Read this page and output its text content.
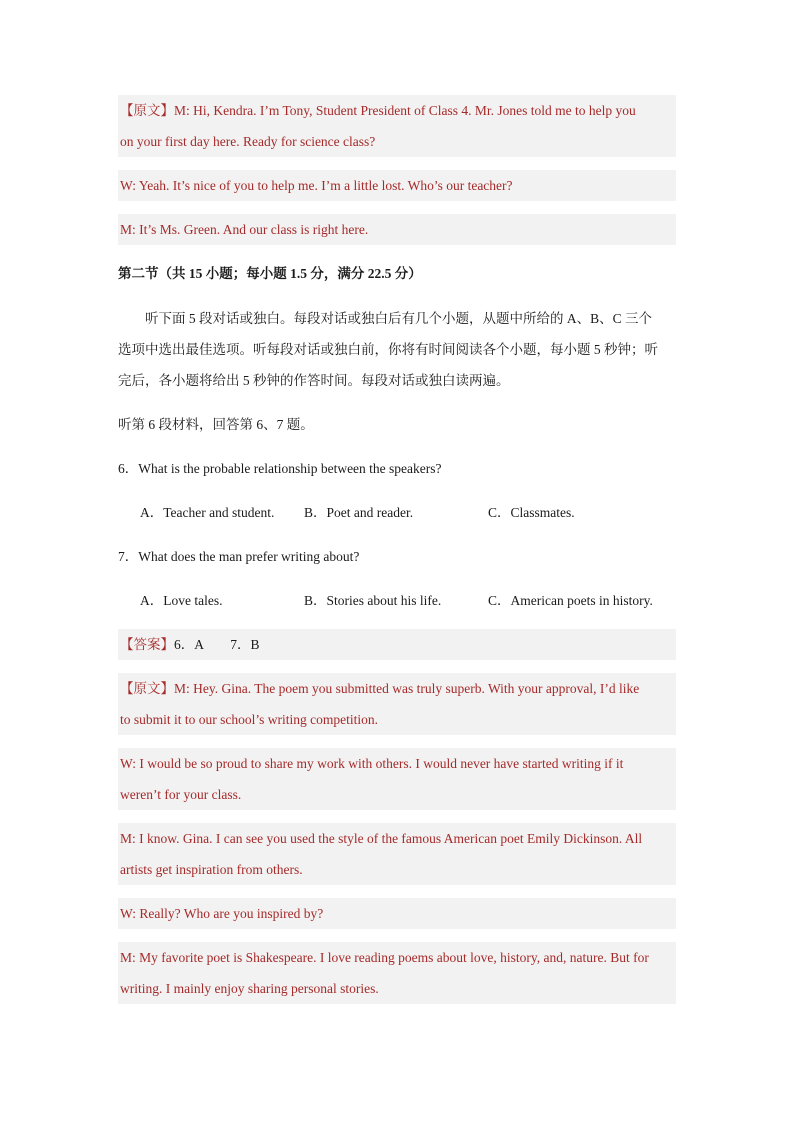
【原文】M: Hi, Kendra. I’m Tony, Student President of Class 4. Mr. Jones told me to help you
on your first day here. Ready for science class?
W: Yeah. It’s nice of you to help me. I’m a little lost. Who’s our teacher?
M: It’s Ms. Green. And our class is right here.
第二节（共 15 小题；每小题 1.5 分，满分 22.5 分）
听下面 5 段对话或独白。每段对话或独白后有几个小题，从题中所给的 A、B、C 三个
选项中选出最佳选项。听每段对话或独白前，你将有时间阅读各个小题，每小题 5 秒钟；听
完后，各小题将给出 5 秒钟的作答时间。每段对话或独白读两遍。
听第 6 段材料，回答第 6、7 题。
6．What is the probable relationship between the speakers?
A．Teacher and student. B．Poet and reader.	C．Classmates.
7．What does the man prefer writing about?
A．Love tales.	B．Stories about his life.	C．American poets in history.
【答案】6．A　　7．B
【原文】M: Hey. Gina. The poem you submitted was truly superb. With your approval, I’d like
to submit it to our school’s writing competition.
W: I would be so proud to share my work with others. I would never have started writing if it
weren’t for your class.
M: I know. Gina. I can see you used the style of the famous American poet Emily Dickinson. All
artists get inspiration from others.
W: Really? Who are you inspired by?
M: My favorite poet is Shakespeare. I love reading poems about love, history, and, nature. But for
writing. I mainly enjoy sharing personal stories.
